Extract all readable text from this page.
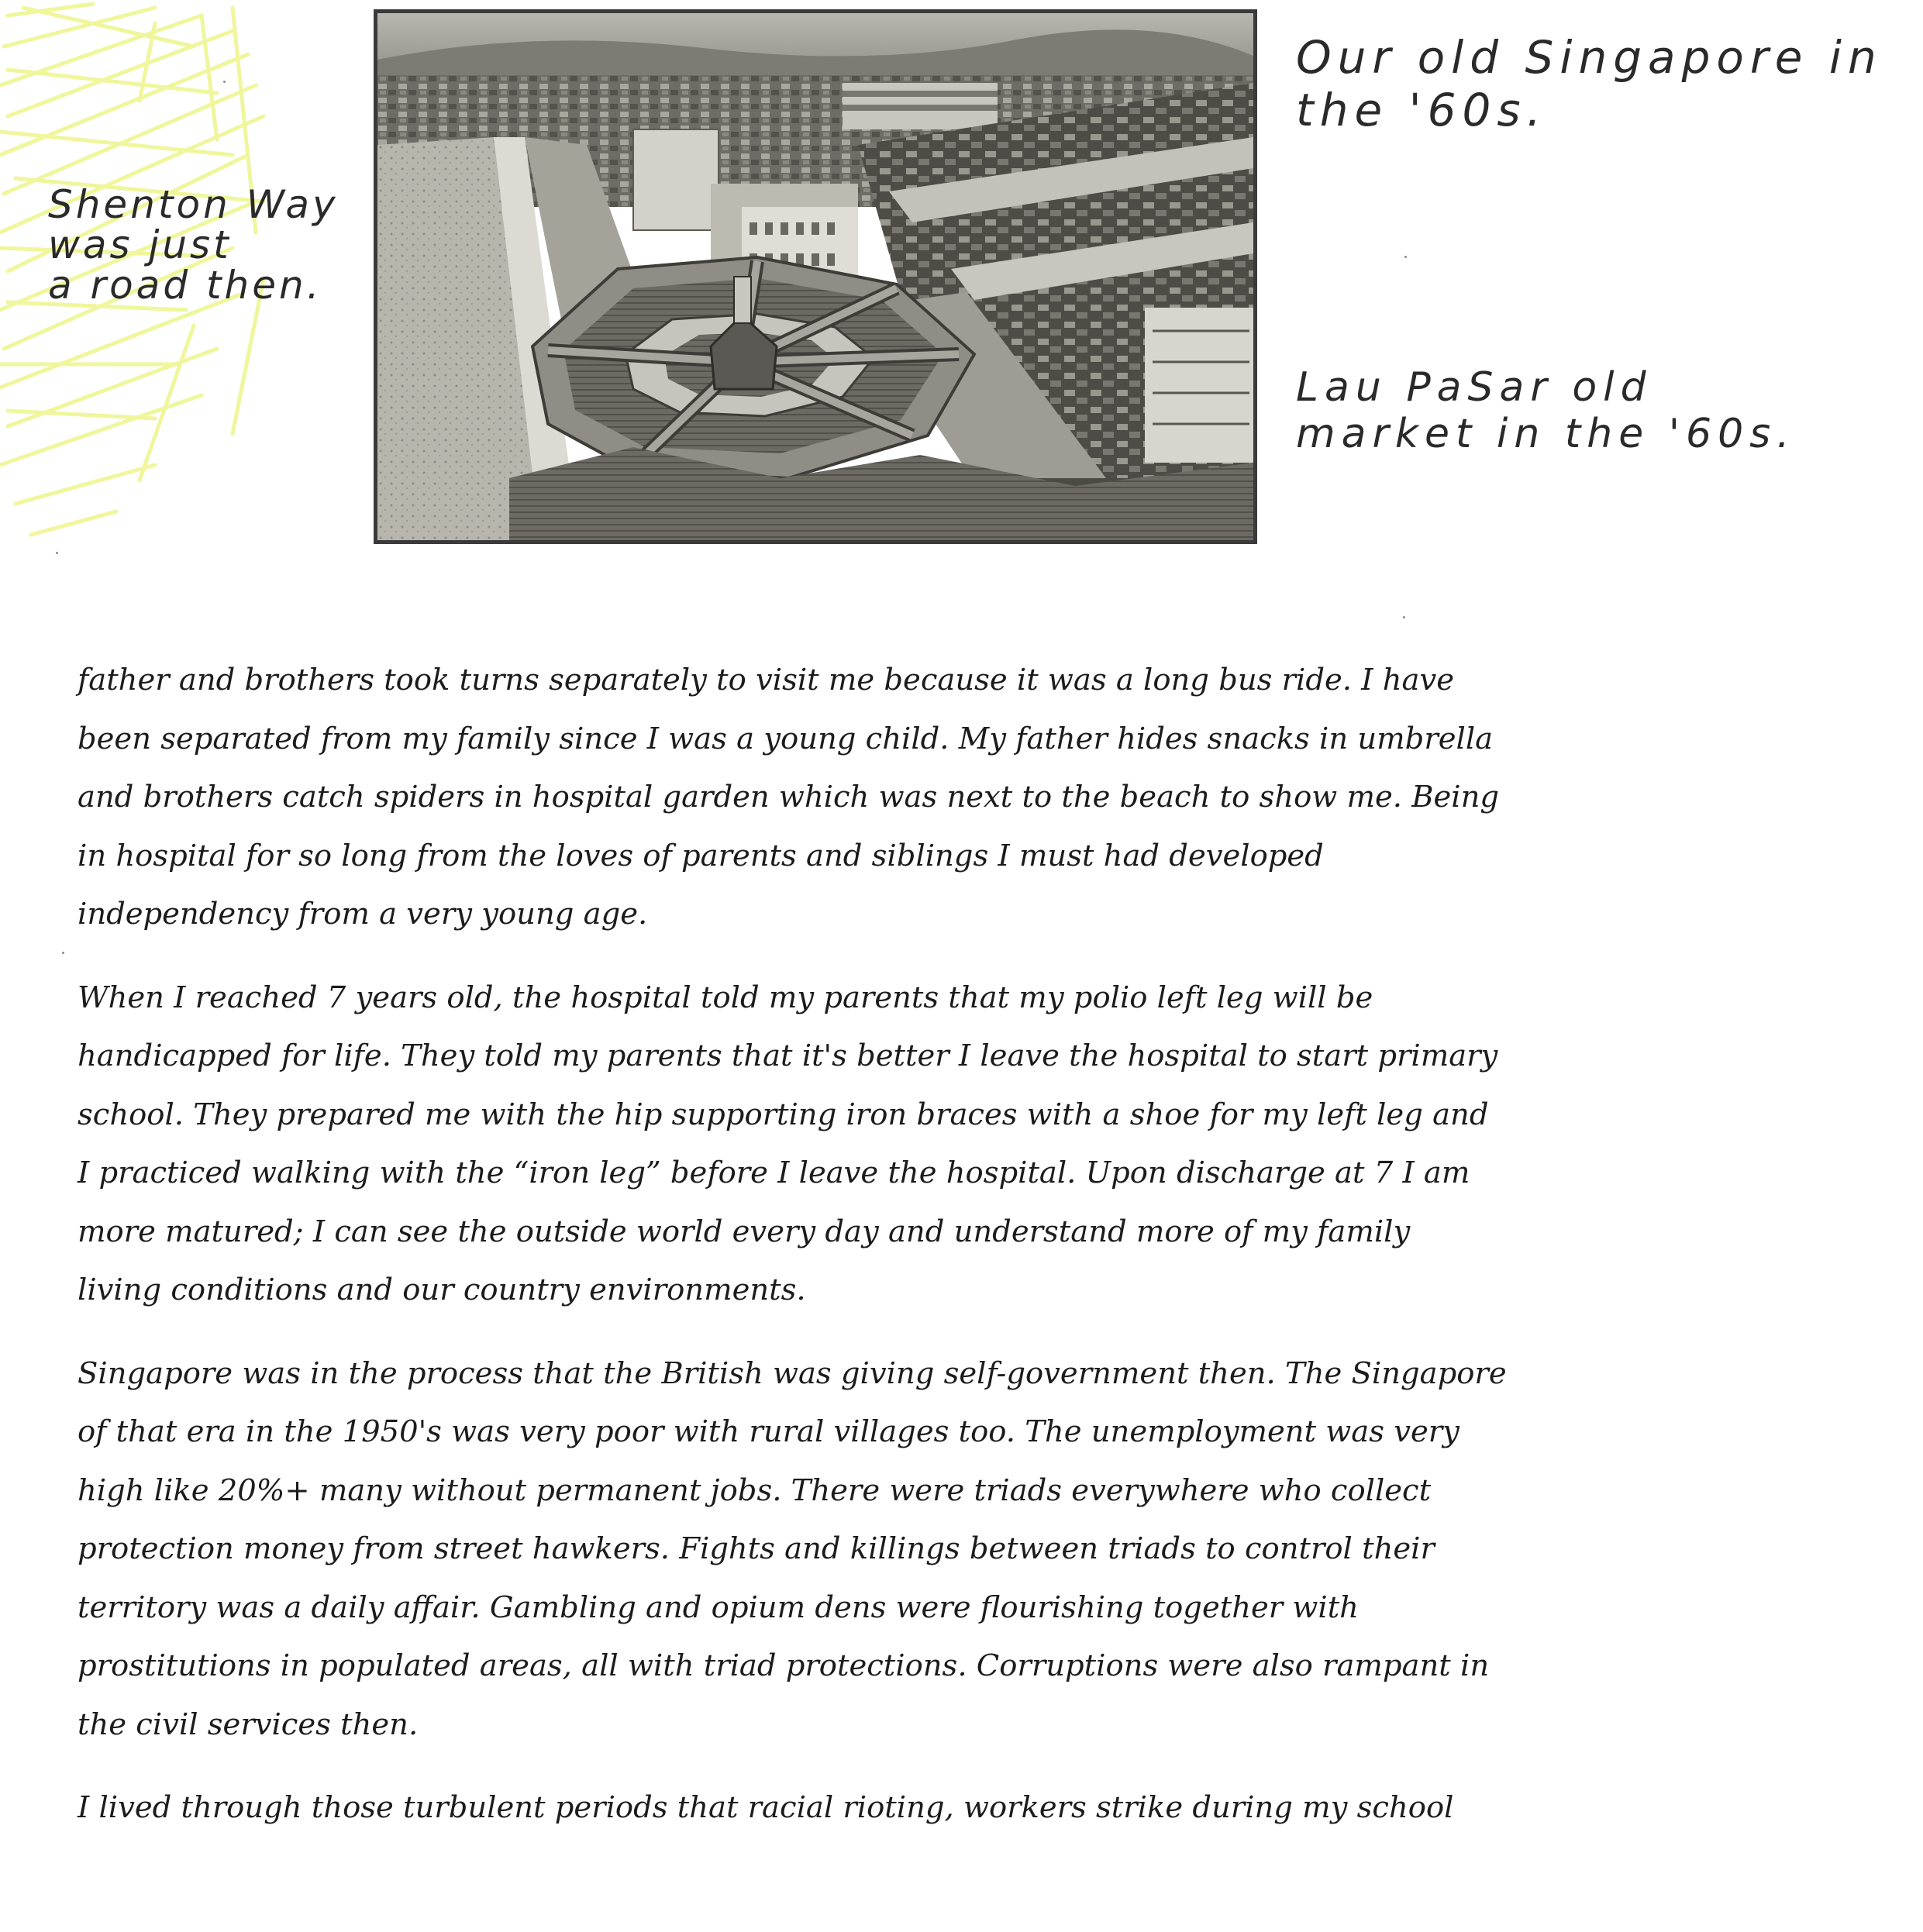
Shenton Way
was just
a road then.

Our old Singapore in
the '60s.

Lau PaSar old
market in the '60s.

father and brothers took turns separately to visit me because it was a long bus ride. I have
been separated from my family since I was a young child. My father hides snacks in umbrella
and brothers catch spiders in hospital garden which was next to the beach to show me. Being
in hospital for so long from the loves of parents and siblings I must had developed
independency from a very young age.

When I reached 7 years old, the hospital told my parents that my polio left leg will be
handicapped for life. They told my parents that it's better I leave the hospital to start primary
school. They prepared me with the hip supporting iron braces with a shoe for my left leg and
I practiced walking with the “iron leg” before I leave the hospital. Upon discharge at 7 I am
more matured; I can see the outside world every day and understand more of my family
living conditions and our country environments.

Singapore was in the process that the British was giving self-government then. The Singapore
of that era in the 1950's was very poor with rural villages too. The unemployment was very
high like 20%+ many without permanent jobs. There were triads everywhere who collect
protection money from street hawkers. Fights and killings between triads to control their
territory was a daily affair. Gambling and opium dens were flourishing together with
prostitutions in populated areas, all with triad protections. Corruptions were also rampant in
the civil services then.

I lived through those turbulent periods that racial rioting, workers strike during my school
